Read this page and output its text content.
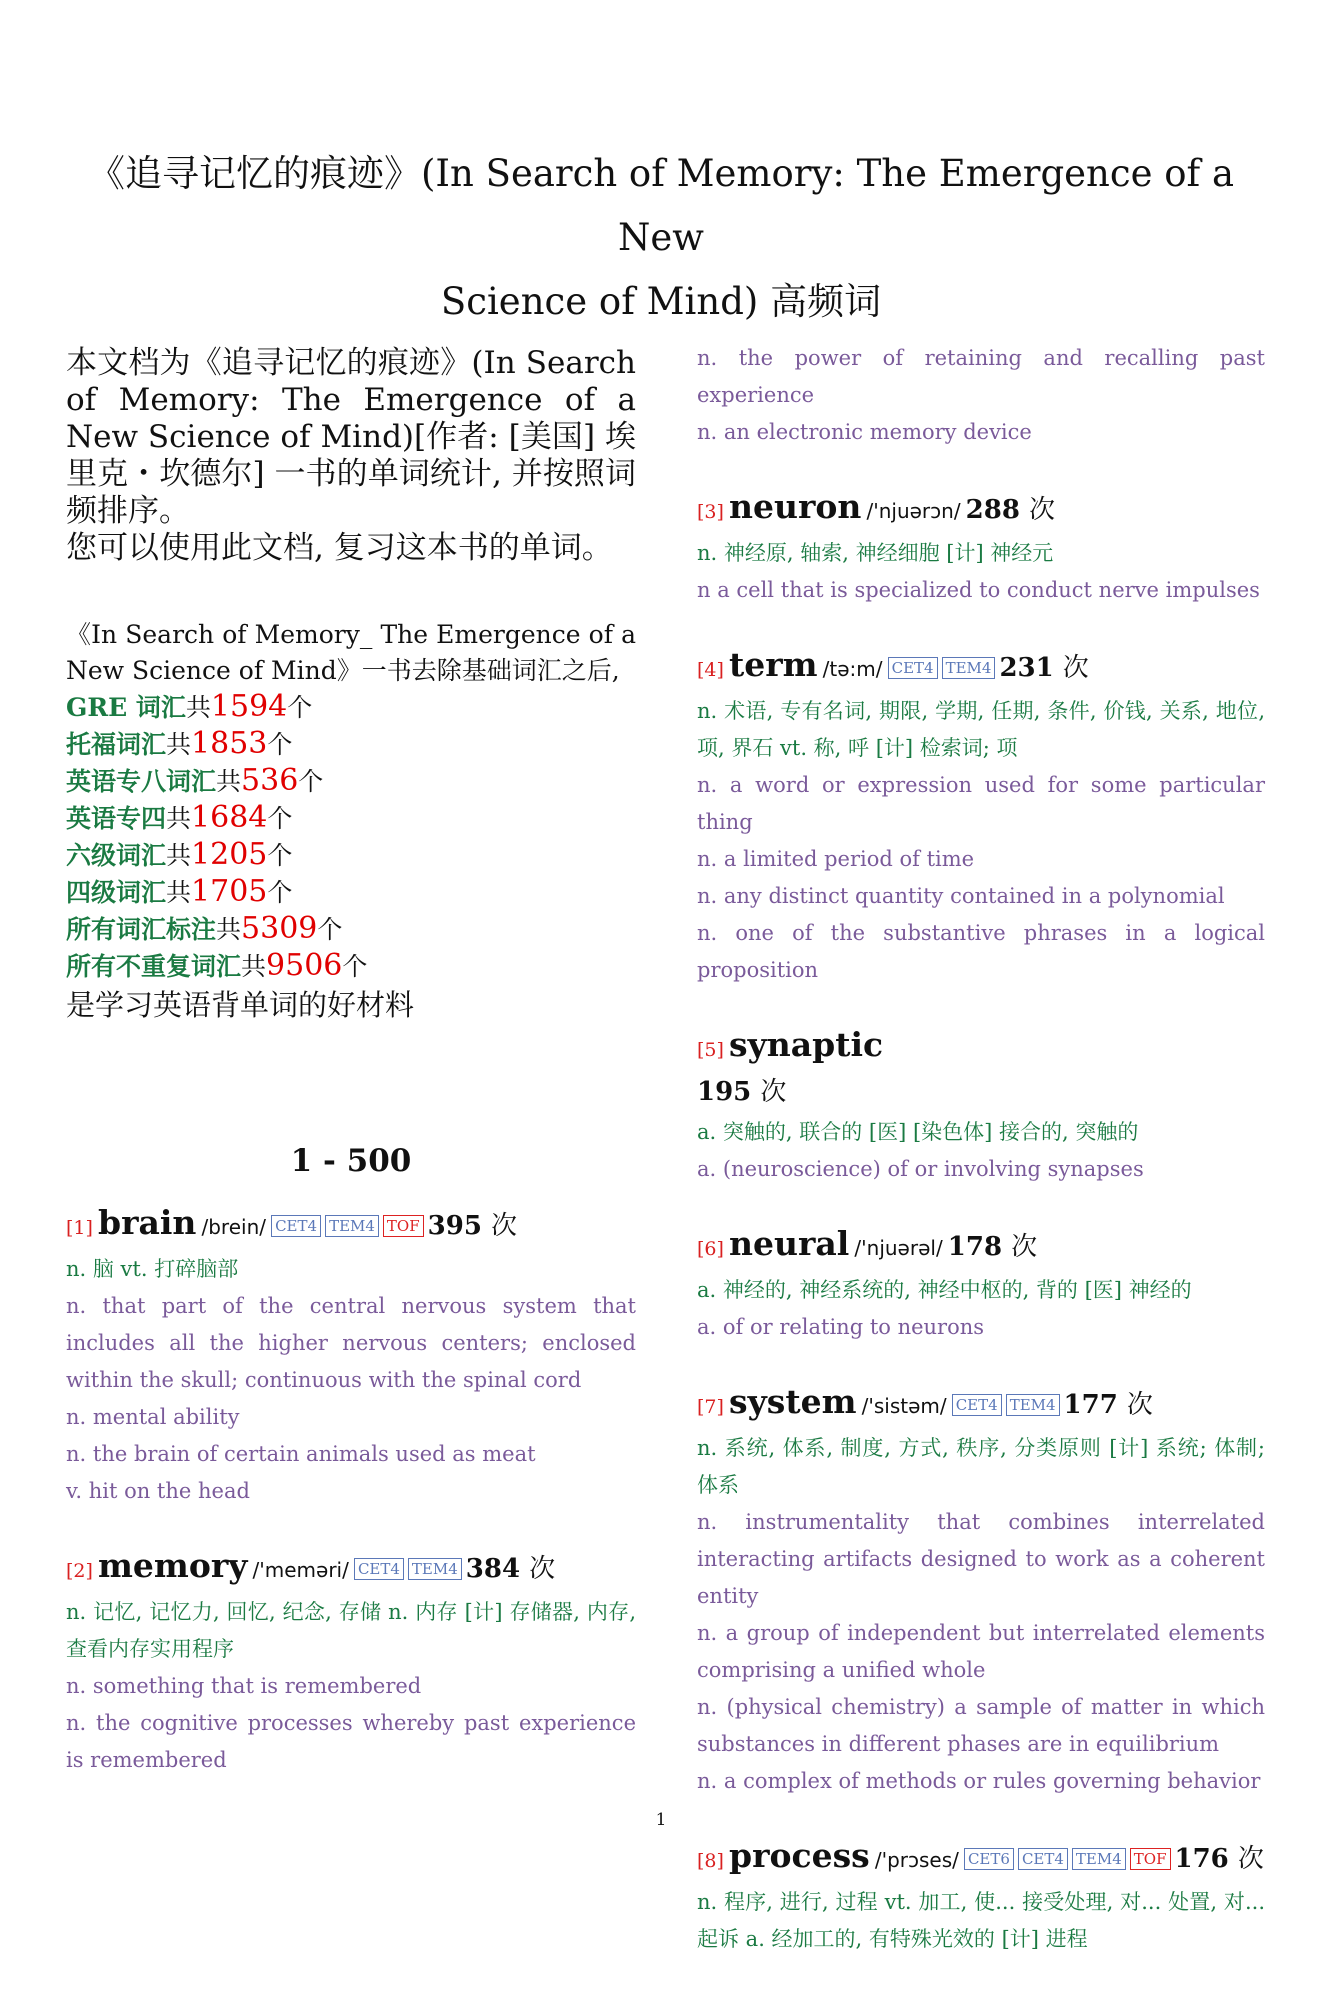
《追寻记忆的痕迹》(In Search of Memory: The Emergence of a New
Science of Mind) 高频词
本文档为《追寻记忆的痕迹》(In Search of Memory: The Emergence of a New Science of Mind)[作者: [美国] 埃里克・坎德尔] 一书的单词统计, 并按照词频排序。
您可以使用此文档, 复习这本书的单词。
《In Search of Memory_ The Emergence of a New Science of Mind》一书去除基础词汇之后,
GRE 词汇共1594个
托福词汇共1853个
英语专八词汇共536个
英语专四共1684个
六级词汇共1205个
四级词汇共1705个
所有词汇标注共5309个
所有不重复词汇共9506个
是学习英语背单词的好材料
1 - 500
[1] brain /brein/ CET4 TEM4 TOF 395 次
n. 脑 vt. 打碎脑部
n. that part of the central nervous system that includes all the higher nervous centers; enclosed within the skull; continuous with the spinal cord
n. mental ability
n. the brain of certain animals used as meat
v. hit on the head
[2] memory /'meməri/ CET4 TEM4 384 次
n. 记忆, 记忆力, 回忆, 纪念, 存储 n. 内存 [计] 存储器, 内存, 查看内存实用程序
n. something that is remembered
n. the cognitive processes whereby past experience is remembered
n. the power of retaining and recalling past experience
n. an electronic memory device
[3] neuron /'njuərɔn/ 288 次
n. 神经原, 轴索, 神经细胞 [计] 神经元
n a cell that is specialized to conduct nerve impulses
[4] term /tə:m/ CET4 TEM4 231 次
n. 术语, 专有名词, 期限, 学期, 任期, 条件, 价钱, 关系, 地位, 项, 界石 vt. 称, 呼 [计] 检索词; 项
n. a word or expression used for some particular thing
n. a limited period of time
n. any distinct quantity contained in a polynomial
n. one of the substantive phrases in a logical proposition
[5] synaptic
195 次
a. 突触的, 联合的 [医] [染色体] 接合的, 突触的
a. (neuroscience) of or involving synapses
[6] neural /'njuərəl/ 178 次
a. 神经的, 神经系统的, 神经中枢的, 背的 [医] 神经的
a. of or relating to neurons
[7] system /'sistəm/ CET4 TEM4 177 次
n. 系统, 体系, 制度, 方式, 秩序, 分类原则 [计] 系统; 体制; 体系
n. instrumentality that combines interrelated interacting artifacts designed to work as a coherent entity
n. a group of independent but interrelated elements comprising a unified whole
n. (physical chemistry) a sample of matter in which substances in different phases are in equilibrium
n. a complex of methods or rules governing behavior
[8] process /'prɔses/ CET6 CET4 TEM4 TOF 176 次
n. 程序, 进行, 过程 vt. 加工, 使... 接受处理, 对... 处置, 对... 起诉 a. 经加工的, 有特殊光效的 [计] 进程
1
